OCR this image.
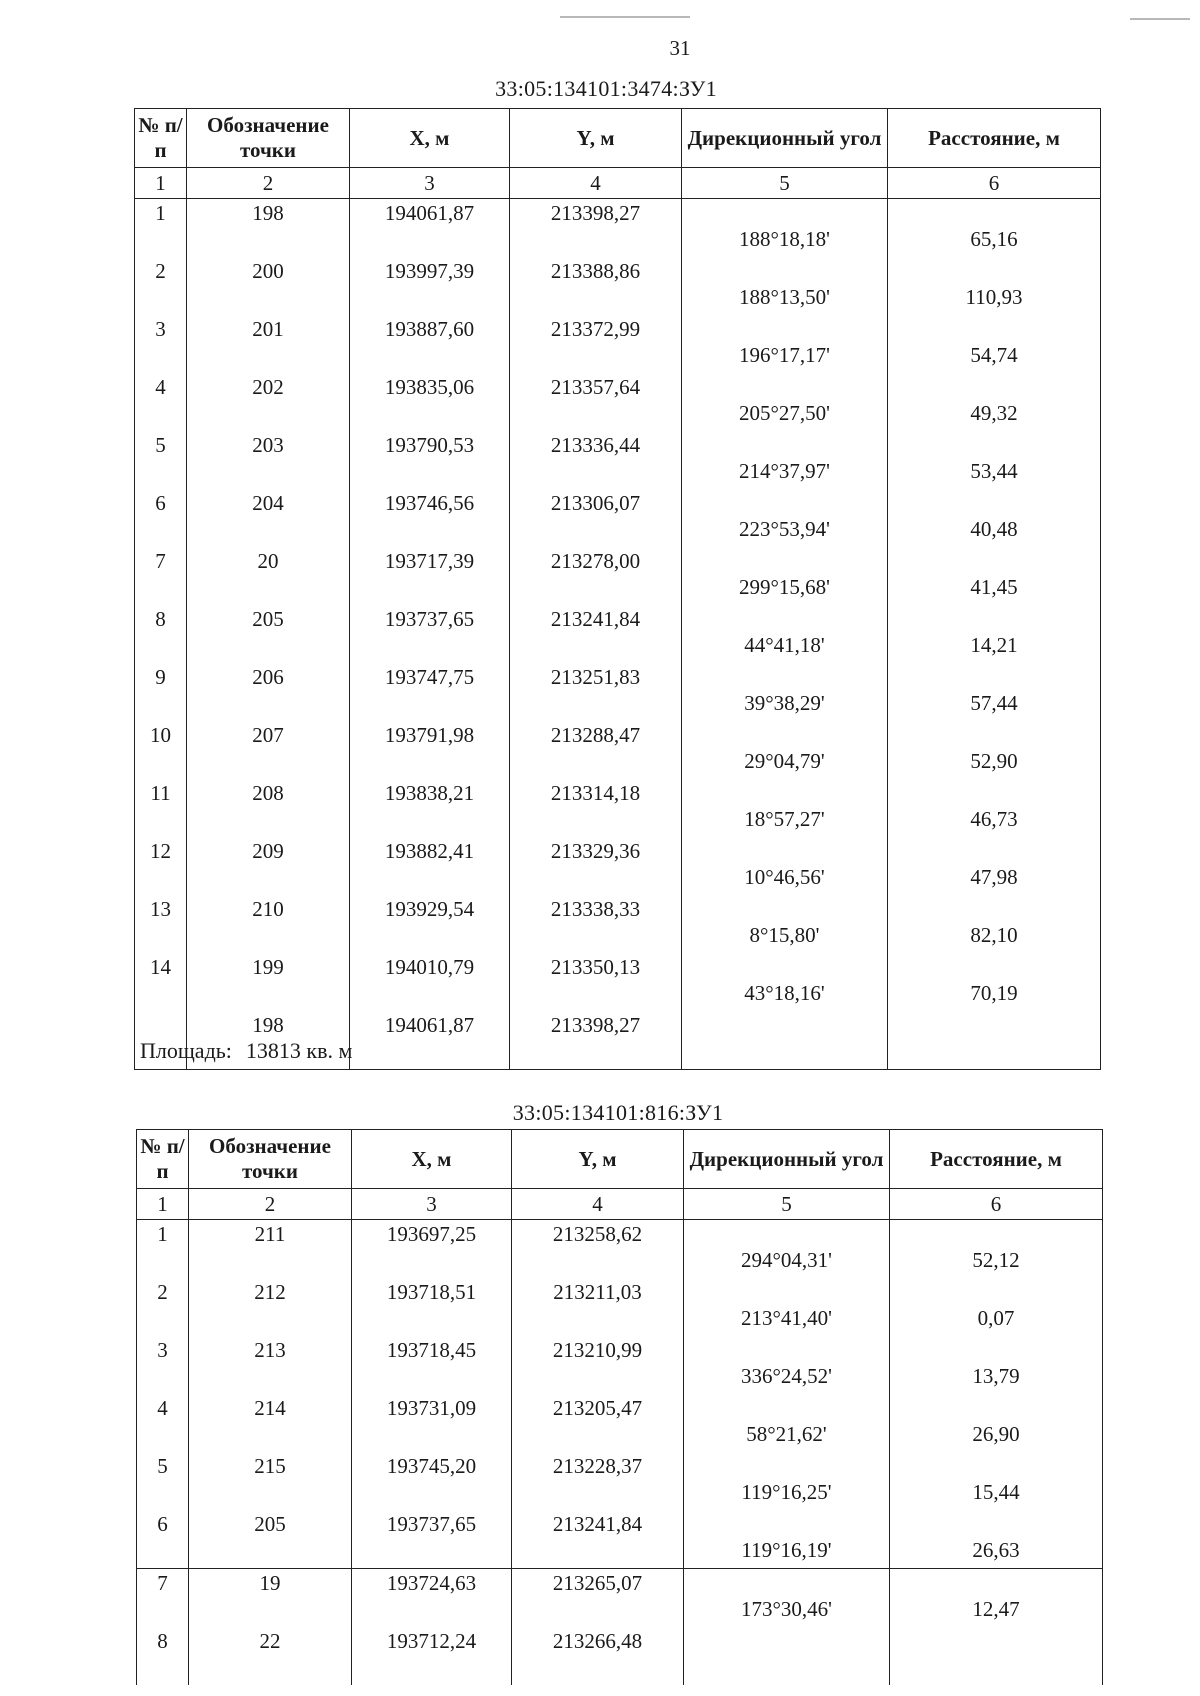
31
33:05:134101:3474:ЗУ1
№ п/п	Обозначение точки	X, м	Y, м	Дирекционный угол	Расстояние, м
1	2	3	4	5	6
1	198	194061,87	213398,27	188°18,18'	65,16

2	200	193997,39	213388,86	188°13,50'	110,93

3	201	193887,60	213372,99	196°17,17'	54,74

4	202	193835,06	213357,64	205°27,50'	49,32

5	203	193790,53	213336,44	214°37,97'	53,44

6	204	193746,56	213306,07	223°53,94'	40,48

7	20	193717,39	213278,00	299°15,68'	41,45

8	205	193737,65	213241,84	44°41,18'	14,21

9	206	193747,75	213251,83	39°38,29'	57,44

10	207	193791,98	213288,47	29°04,79'	52,90

11	208	193838,21	213314,18	18°57,27'	46,73

12	209	193882,41	213329,36	10°46,56'	47,98

13	210	193929,54	213338,33	8°15,80'	82,10

14	199	194010,79	213350,13	43°18,16'	70,19

	198	194061,87	213398,27		
Площадь: 13813 кв. м
33:05:134101:816:ЗУ1
№ п/п	Обозначение точки	X, м	Y, м	Дирекционный угол	Расстояние, м
1	2	3	4	5	6
1	211	193697,25	213258,62	294°04,31'	52,12

2	212	193718,51	213211,03	213°41,40'	0,07

3	213	193718,45	213210,99	336°24,52'	13,79

4	214	193731,09	213205,47	58°21,62'	26,90

5	215	193745,20	213228,37	119°16,25'	15,44

6	205	193737,65	213241,84	119°16,19'	26,63

7	19	193724,63	213265,07	173°30,46'	12,47

8	22	193712,24	213266,48		
